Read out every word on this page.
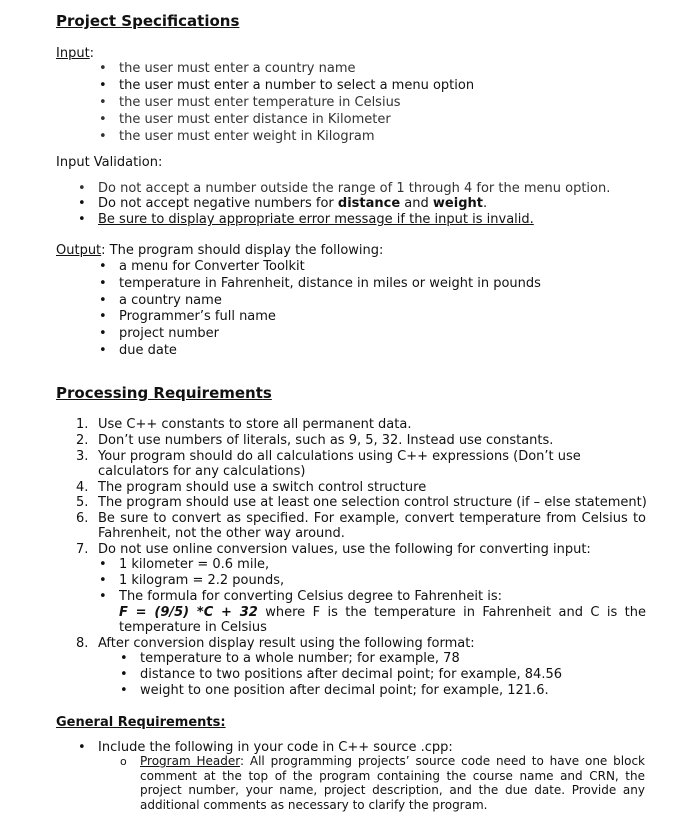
Project Specifications
Input:
• the user must enter a country name
• the user must enter a number to select a menu option
• the user must enter temperature in Celsius
• the user must enter distance in Kilometer
• the user must enter weight in Kilogram
Input Validation:
• Do not accept a number outside the range of 1 through 4 for the menu option.
• Do not accept negative numbers for distance and weight.
• Be sure to display appropriate error message if the input is invalid.
Output: The program should display the following:
• a menu for Converter Toolkit
• temperature in Fahrenheit, distance in miles or weight in pounds
• a country name
• Programmer’s full name
• project number
• due date
Processing Requirements
1. Use C++ constants to store all permanent data.
2. Don’t use numbers of literals, such as 9, 5, 32. Instead use constants.
3. Your program should do all calculations using C++ expressions (Don’t use calculators for any calculations)
4. The program should use a switch control structure
5. The program should use at least one selection control structure (if – else statement)
6. Be sure to convert as specified. For example, convert temperature from Celsius to Fahrenheit, not the other way around.
7. Do not use online conversion values, use the following for converting input:
• 1 kilometer = 0.6 mile,
• 1 kilogram = 2.2 pounds,
• The formula for converting Celsius degree to Fahrenheit is:
F = (9/5) *C + 32 where F is the temperature in Fahrenheit and C is the temperature in Celsius
8. After conversion display result using the following format:
• temperature to a whole number; for example, 78
• distance to two positions after decimal point; for example, 84.56
• weight to one position after decimal point; for example, 121.6.
General Requirements:
• Include the following in your code in C++ source .cpp:
o Program Header: All programming projects’ source code need to have one block comment at the top of the program containing the course name and CRN, the project number, your name, project description, and the due date. Provide any additional comments as necessary to clarify the program.
